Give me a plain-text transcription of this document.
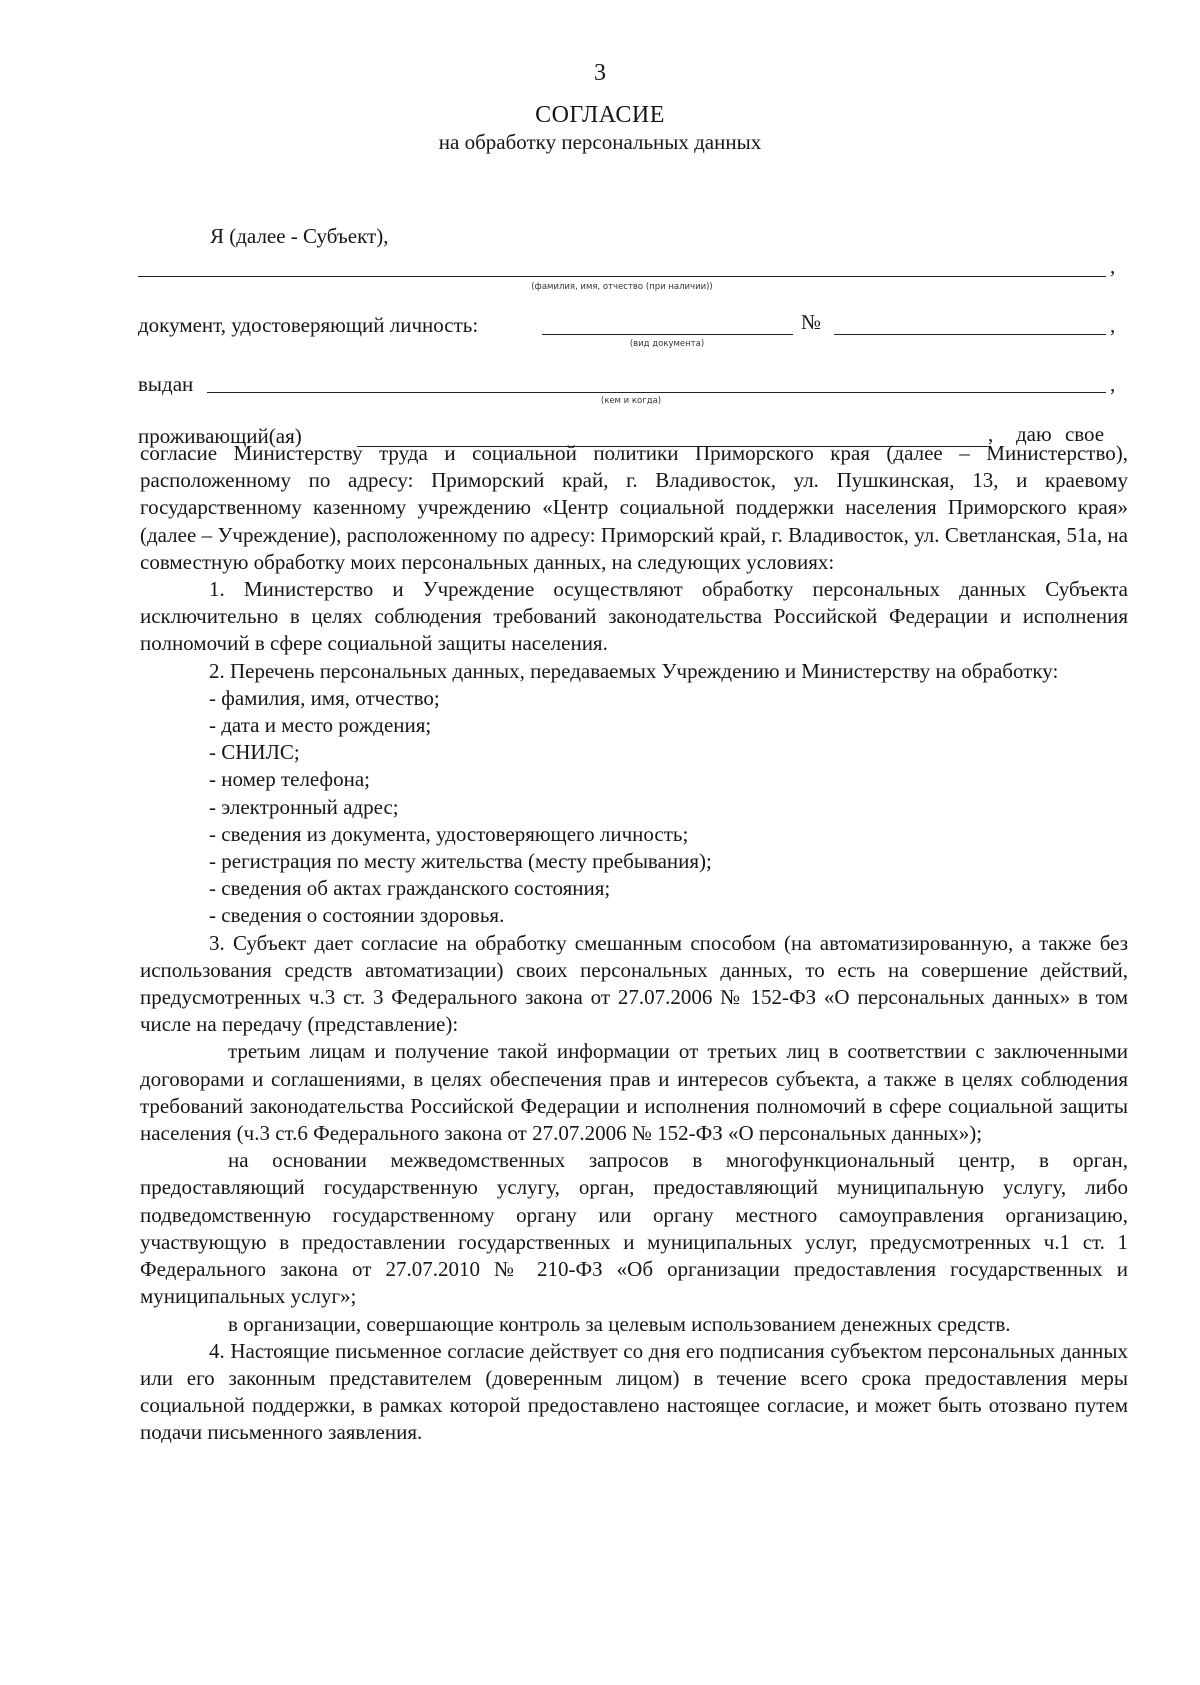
3
СОГЛАСИЕ
на обработку персональных данных
Я (далее - Субъект),
,
(фамилия, имя, отчество (при наличии))
документ, удостоверяющий личность:	№	,
(вид документа)
выдан	,
(кем и когда)
проживающий(ая)	, даю свое

согласие Министерству труда и социальной политики Приморского края (далее – Министерство), расположенному по адресу: Приморский край, г. Владивосток, ул. Пушкинская, 13, и краевому государственному казенному учреждению «Центр социальной поддержки населения Приморского края» (далее – Учреждение), расположенному по адресу: Приморский край, г. Владивосток, ул. Светланская, 51а, на совместную обработку моих персональных данных, на следующих условиях:

1. Министерство и Учреждение осуществляют обработку персональных данных Субъекта исключительно в целях соблюдения требований законодательства Российской Федерации и исполнения полномочий в сфере социальной защиты населения.

2. Перечень персональных данных, передаваемых Учреждению и Министерству на обработку:

- фамилия, имя, отчество;

- дата и место рождения;

- СНИЛС;

- номер телефона;

- электронный адрес;

- сведения из документа, удостоверяющего личность;

- регистрация по месту жительства (месту пребывания);

- сведения об актах гражданского состояния;

- сведения о состоянии здоровья.

3. Субъект дает согласие на обработку смешанным способом (на автоматизированную, а также без использования средств автоматизации) своих персональных данных, то есть на совершение действий, предусмотренных ч.3 ст. 3 Федерального закона от 27.07.2006 № 152-ФЗ «О персональных данных» в том числе на передачу (представление):

третьим лицам и получение такой информации от третьих лиц в соответствии с заключенными договорами и соглашениями, в целях обеспечения прав и интересов субъекта, а также в целях соблюдения требований законодательства Российской Федерации и исполнения полномочий в сфере социальной защиты населения (ч.3 ст.6 Федерального закона от 27.07.2006 № 152-ФЗ «О персональных данных»);

на основании межведомственных запросов в многофункциональный центр, в орган, предоставляющий государственную услугу, орган, предоставляющий муниципальную услугу, либо подведомственную государственному органу или органу местного самоуправления организацию, участвующую в предоставлении государственных и муниципальных услуг, предусмотренных ч.1 ст. 1 Федерального закона от 27.07.2010 № 210-ФЗ «Об организации предоставления государственных и муниципальных услуг»;

в организации, совершающие контроль за целевым использованием денежных средств.

4. Настоящие письменное согласие действует со дня его подписания субъектом персональных данных или его законным представителем (доверенным лицом) в течение всего срока предоставления меры социальной поддержки, в рамках которой предоставлено настоящее согласие, и может быть отозвано путем подачи письменного заявления.
